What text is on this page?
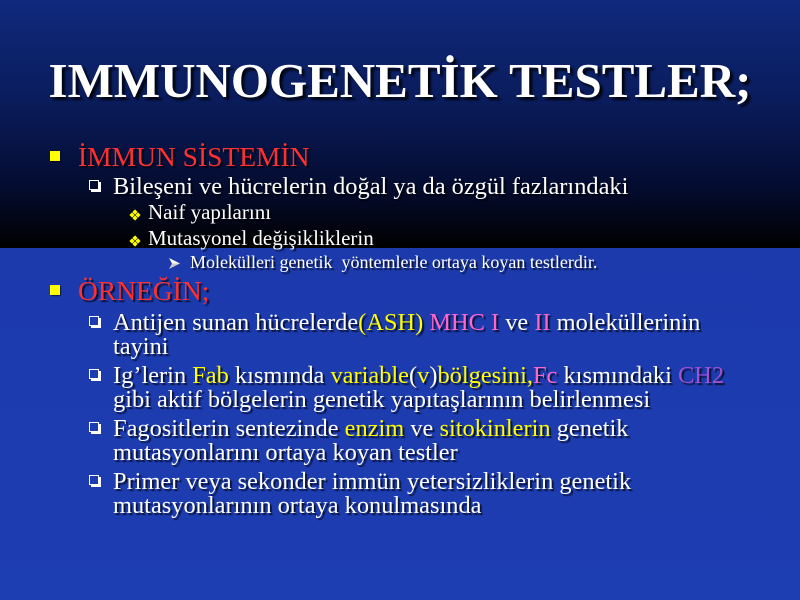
IMMUNOGENETİK TESTLER;
İMMUN SİSTEMİN
Bileşeni ve hücrelerin doğal ya da özgül fazlarındaki
Naif yapılarını
Mutasyonel değişikliklerin
Molekülleri genetik  yöntemlerle ortaya koyan testlerdir.
ÖRNEĞİN;
Antijen sunan hücrelerde (ASH) MHC I ve II moleküllerinin
tayini
Ig’lerin Fab kısmında variable ( v ) bölgesini, Fc kısmındaki CH2
gibi aktif bölgelerin genetik yapıtaşlarının belirlenmesi
Fagositlerin sentezinde enzim ve sitokinlerin genetik
mutasyonlarını ortaya koyan testler
Primer veya sekonder immün yetersizliklerin genetik
mutasyonlarının ortaya konulmasında
